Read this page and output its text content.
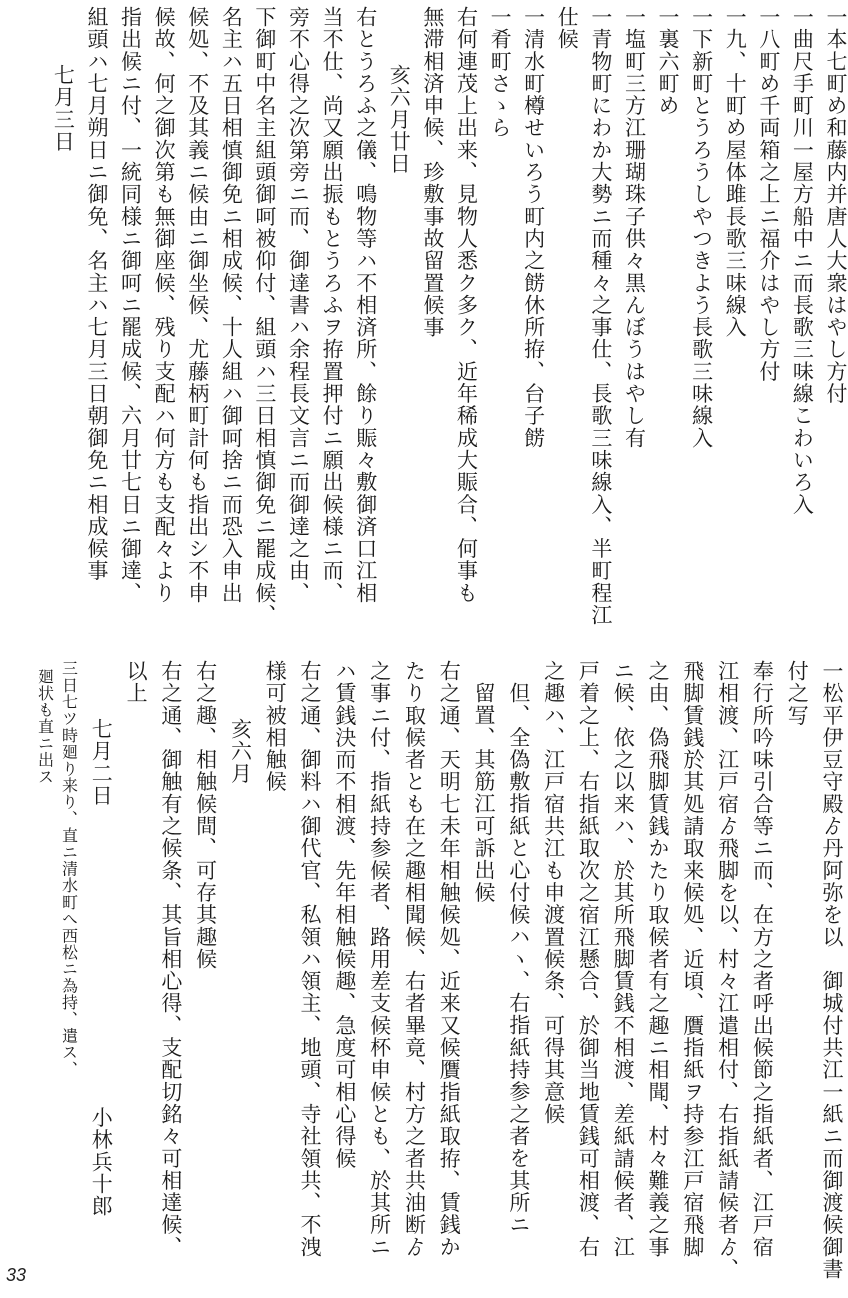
一本七町め和藤内并唐人大衆はやし方付
一曲尺手町川一屋方船中ニ而長歌三味線こわいろ入
一八町め千両箱之上ニ福介はやし方付
一九、十町め屋体雎長歌三味線入
一下新町とうろうしやつきよう長歌三味線入
一裏六町め
一塩町三方江珊瑚珠子供々黒んぼうはやし有
一青物町にわか大勢ニ而種々之事仕、長歌三味線入、半町程江
仕候
一清水町樽せいろう町内之餝休所拵、台子餝
一肴町さゝら
右何連茂上出来、見物人悉ク多ク、近年稀成大賑合、何事も
無滞相済申候、珍敷事故留置候事
亥六月廿日
右とうろふ之儀、鳴物等ハ不相済所、餘り賑々敷御済口江相
当不仕、尚又願出振もとうろふヲ拵置押付ニ願出候様ニ而、
旁不心得之次第旁ニ而、御達書ハ余程長文言ニ而御達之由、
下御町中名主組頭御呵被仰付、組頭ハ三日相慎御免ニ罷成候、
名主ハ五日相慎御免ニ相成候、十人組ハ御呵捨ニ而恐入申出
候処、不及其義ニ候由ニ御坐候、尤藤柄町計何も指出シ不申
候故、何之御次第も無御座候、残り支配ハ何方も支配々より
指出候ニ付、一統同様ニ御呵ニ罷成候、六月廿七日ニ御達、
組頭ハ七月朔日ニ御免、名主ハ七月三日朝御免ニ相成候事
七月三日
一松平伊豆守殿ゟ丹阿弥を以　御城付共江一紙ニ而御渡候御書
付之写
奉行所吟味引合等ニ而、在方之者呼出候節之指紙者、江戸宿
江相渡、江戸宿ゟ飛脚を以、村々江遣相付、右指紙請候者ゟ、
飛脚賃銭於其処請取来候処、近頃、贋指紙ヲ持参江戸宿飛脚
之由、偽飛脚賃銭かたり取候者有之趣ニ相聞、村々難義之事
ニ候、依之以来ハ、於其所飛脚賃銭不相渡、差紙請候者、江
戸着之上、右指紙取次之宿江懸合、於御当地賃銭可相渡、右
之趣ハ、江戸宿共江も申渡置候条、可得其意候
但、全偽敷指紙と心付候ハヽ、右指紙持参之者を其所ニ
留置、其筋江可訴出候
右之通、天明七未年相触候処、近来又候贋指紙取拵、賃銭か
たり取候者とも在之趣相聞候、右者畢竟、村方之者共油断ゟ
之事ニ付、指紙持参候者、路用差支候杯申候とも、於其所ニ
ハ賃銭決而不相渡、先年相触候趣、急度可相心得候
右之通、御料ハ御代官、私領ハ領主、地頭、寺社領共、不洩
様可被相触候
亥六月
右之趣、相触候間、可存其趣候
右之通、御触有之候条、其旨相心得、支配切銘々可相達候、
以上
七月二日小林兵十郎
三日七ツ時廻り来り、直ニ清水町へ西松ニ為持、遣ス、
廻状も直ニ出ス
33
